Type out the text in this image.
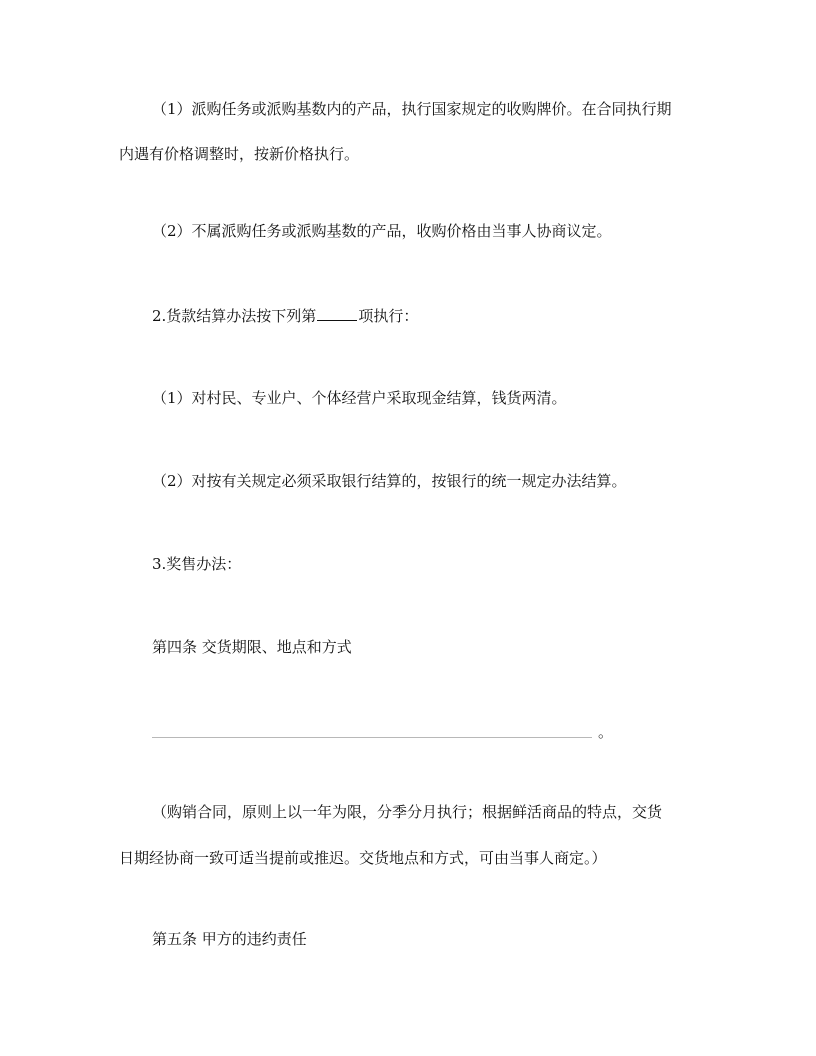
（1）派购任务或派购基数内的产品，执行国家规定的收购牌价。在合同执行期
内遇有价格调整时，按新价格执行。
（2）不属派购任务或派购基数的产品，收购价格由当事人协商议定。
2.货款结算办法按下列第	项执行：
（1）对村民、专业户、个体经营户采取现金结算，钱货两清。
（2）对按有关规定必须采取银行结算的，按银行的统一规定办法结算。
3.奖售办法：
第四条 交货期限、地点和方式
。
（购销合同，原则上以一年为限，分季分月执行；根据鲜活商品的特点，交货
日期经协商一致可适当提前或推迟。交货地点和方式，可由当事人商定。）
第五条 甲方的违约责任
